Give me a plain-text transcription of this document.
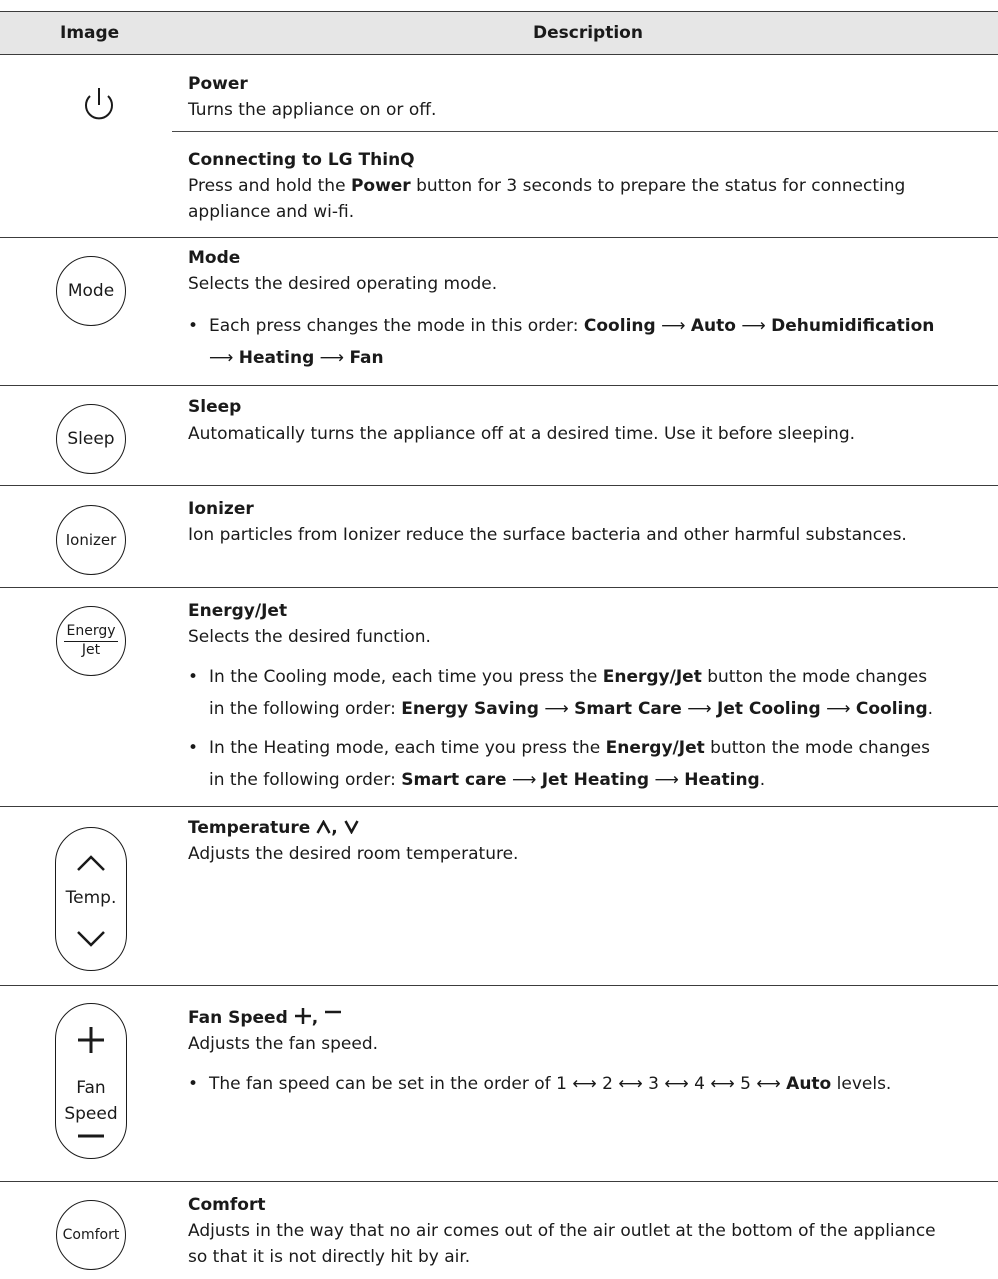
Image	Description
Power
Turns the appliance on or off.
Connecting to LG ThinQ
Press and hold the Power button for 3 seconds to prepare the status for connecting
appliance and wi-fi.
Mode
Mode
Selects the desired operating mode.
• Each press changes the mode in this order: Cooling ⟶ Auto ⟶ Dehumidification
⟶ Heating ⟶ Fan
Sleep
Sleep
Automatically turns the appliance off at a desired time. Use it before sleeping.
Ionizer
Ionizer
Ion particles from Ionizer reduce the surface bacteria and other harmful substances.
Energy
Jet
Energy/Jet
Selects the desired function.
• In the Cooling mode, each time you press the Energy/Jet button the mode changes
in the following order: Energy Saving ⟶ Smart Care ⟶ Jet Cooling ⟶ Cooling.
• In the Heating mode, each time you press the Energy/Jet button the mode changes
in the following order: Smart care ⟶ Jet Heating ⟶ Heating.
Temp.
Temperature ,
Adjusts the desired room temperature.
Fan
Speed
Fan Speed ,
Adjusts the fan speed.
• The fan speed can be set in the order of 1 ⟷ 2 ⟷ 3 ⟷ 4 ⟷ 5 ⟷ Auto levels.
Comfort
Comfort
Adjusts in the way that no air comes out of the air outlet at the bottom of the appliance
so that it is not directly hit by air.
